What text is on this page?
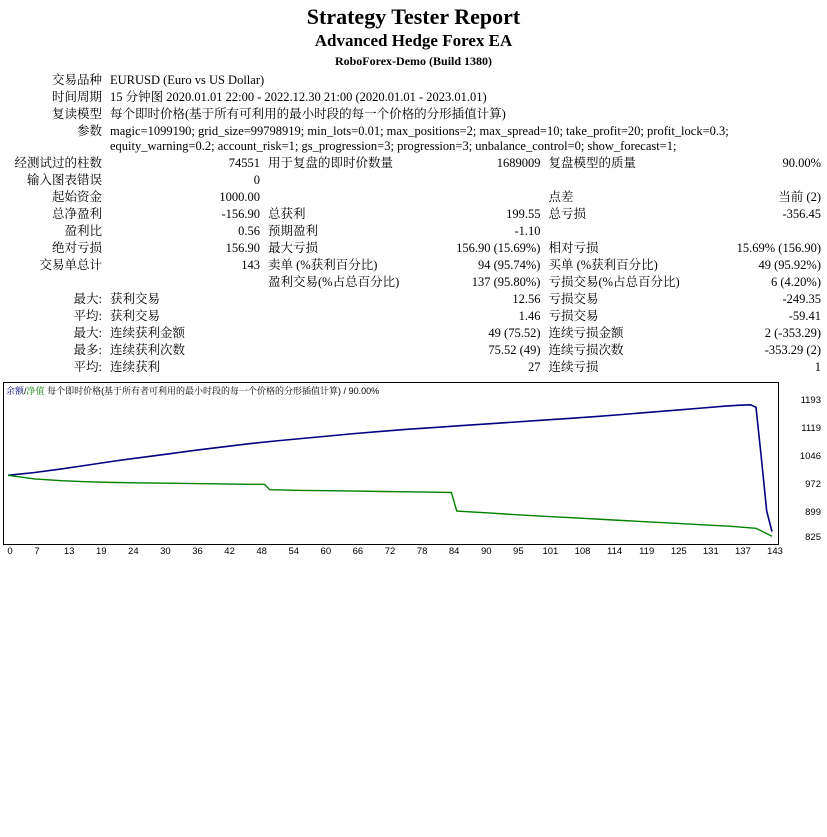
Strategy Tester Report
Advanced Hedge Forex EA
RoboForex-Demo (Build 1380)
交易品种	EURUSD (Euro vs US Dollar)
时间周期	15 分钟图 2020.01.01 22:00 - 2022.12.30 21:00 (2020.01.01 - 2023.01.01)
复读模型	每个即时价格(基于所有可利用的最小时段的每一个价格的分形插值计算)
参数	magic=1099190; grid_size=99798919; min_lots=0.01; max_positions=2; max_spread=10; take_profit=20; profit_lock=0.3;
equity_warning=0.2; account_risk=1; gs_progression=3; progression=3; unbalance_control=0; show_forecast=1;
经测试过的柱数	74551	用于复盘的即时价数量	1689009	复盘模型的质量	90.00%
输入图表错误	0				
起始资金	1000.00			点差	当前 (2)
总净盈利	-156.90	总获利	199.55	总亏损	-356.45
盈利比	0.56	预期盈利	-1.10		
绝对亏损	156.90	最大亏损	156.90 (15.69%)	相对亏损	15.69% (156.90)
交易单总计	143	卖单 (%获利百分比)	94 (95.74%)	买单 (%获利百分比)	49 (95.92%)
		盈利交易(%占总百分比)	137 (95.80%)	亏损交易(%占总百分比)	6 (4.20%)
最大:	获利交易		12.56	亏损交易	-249.35
平均:	获利交易		1.46	亏损交易	-59.41
最大:	连续获利金额		49 (75.52)	连续亏损金额	2 (-353.29)
最多:	连续获利次数		75.52 (49)	连续亏损次数	-353.29 (2)
平均:	连续获利		27	连续亏损	1
余额/净值 每个即时价格(基于所有者可利用的最小时段的每一个价格的分形插值计算) / 90.00%
1193
1119
1046
972
899
825
0 7	13 19 24 30 36 42 48 54 60 66 72 78 84 90 95 101 108 114 119 125 131 137 143
